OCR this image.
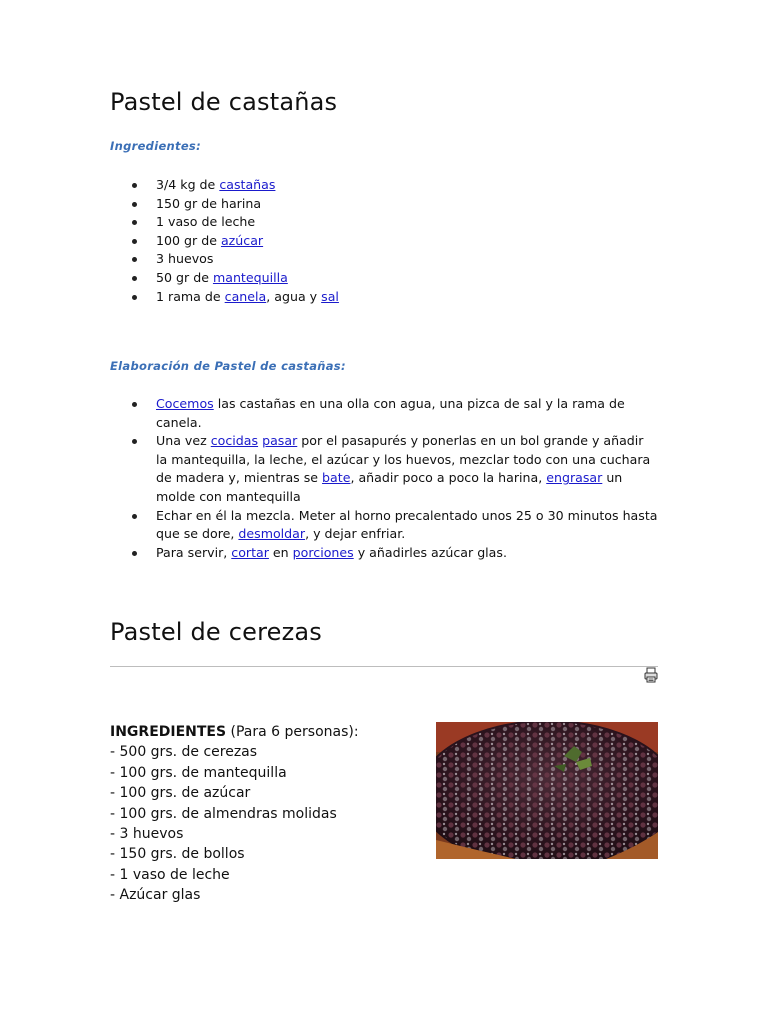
Pastel de castañas

Ingredientes:

3/4 kg de castañas
150 gr de harina
1 vaso de leche
100 gr de azúcar
3 huevos
50 gr de mantequilla
1 rama de canela, agua y sal

Elaboración de Pastel de castañas:

Cocemos las castañas en una olla con agua, una pizca de sal y la rama de canela.
Una vez cocidas pasar por el pasapurés y ponerlas en un bol grande y añadir la mantequilla, la leche, el azúcar y los huevos, mezclar todo con una cuchara de madera y, mientras se bate, añadir poco a poco la harina, engrasar un molde con mantequilla
Echar en él la mezcla. Meter al horno precalentado unos 25 o 30 minutos hasta que se dore, desmoldar, y dejar enfriar.
Para servir, cortar en porciones y añadirles azúcar glas.
Pastel de cerezas
INGREDIENTES (Para 6 personas):
- 500 grs. de cerezas
- 100 grs. de mantequilla
- 100 grs. de azúcar
- 100 grs. de almendras molidas
- 3 huevos
- 150 grs. de bollos
- 1 vaso de leche
- Azúcar glas
